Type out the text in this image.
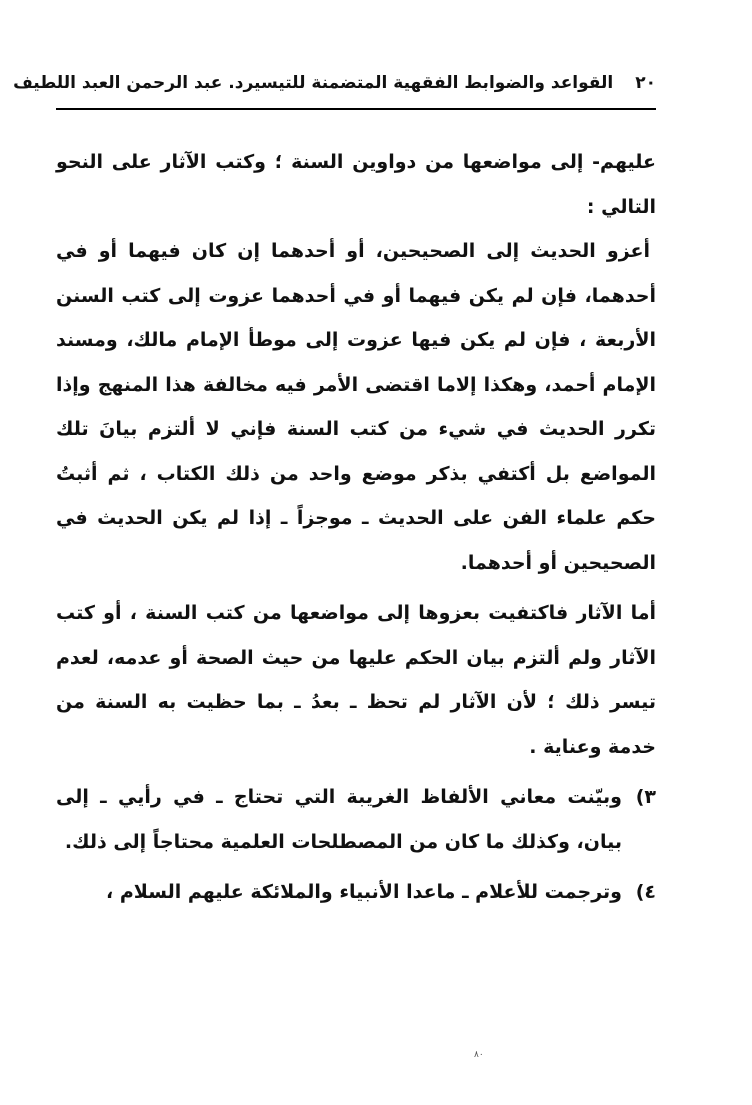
٢٠
القواعد والضوابط الفقهية المتضمنة للتيسير
د. عبد الرحمن العبد اللطيف

عليهم- إلى مواضعها من دواوين السنة ؛ وكتب الآثار على النحو التالي :

أعزو الحديث إلى الصحيحين، أو أحدهما إن كان فيهما أو في أحدهما، فإن لم يكن فيهما أو في أحدهما عزوت إلى كتب السنن الأربعة ، فإن لم يكن فيها عزوت إلى موطأ الإمام مالك، ومسند الإمام أحمد، وهكذا إلاما اقتضى الأمر فيه مخالفة هذا المنهج وإذا تكرر الحديث في شيء من كتب السنة فإني لا ألتزم بيانَ تلك المواضع بل أكتفي بذكر موضع واحد من ذلك الكتاب ، ثم أثبتُ حكم علماء الفن على الحديث ـ موجزاً ـ إذا لم يكن الحديث في الصحيحين أو أحدهما.

أما الآثار فاكتفيت بعزوها إلى مواضعها من كتب السنة ، أو كتب الآثار ولم ألتزم بيان الحكم عليها من حيث الصحة أو عدمه، لعدم تيسر ذلك ؛ لأن الآثار لم تحظ ـ بعدُ ـ بما حظيت به السنة من خدمة وعناية .

٣)
وبيّنت معاني الألفاظ الغريبة التي تحتاج ـ في رأيي ـ إلى بيان، وكذلك ما كان من المصطلحات العلمية محتاجاً إلى ذلك.
٤)
وترجمت للأعلام ـ ماعدا الأنبياء والملائكة عليهم السلام ،
٨٠
